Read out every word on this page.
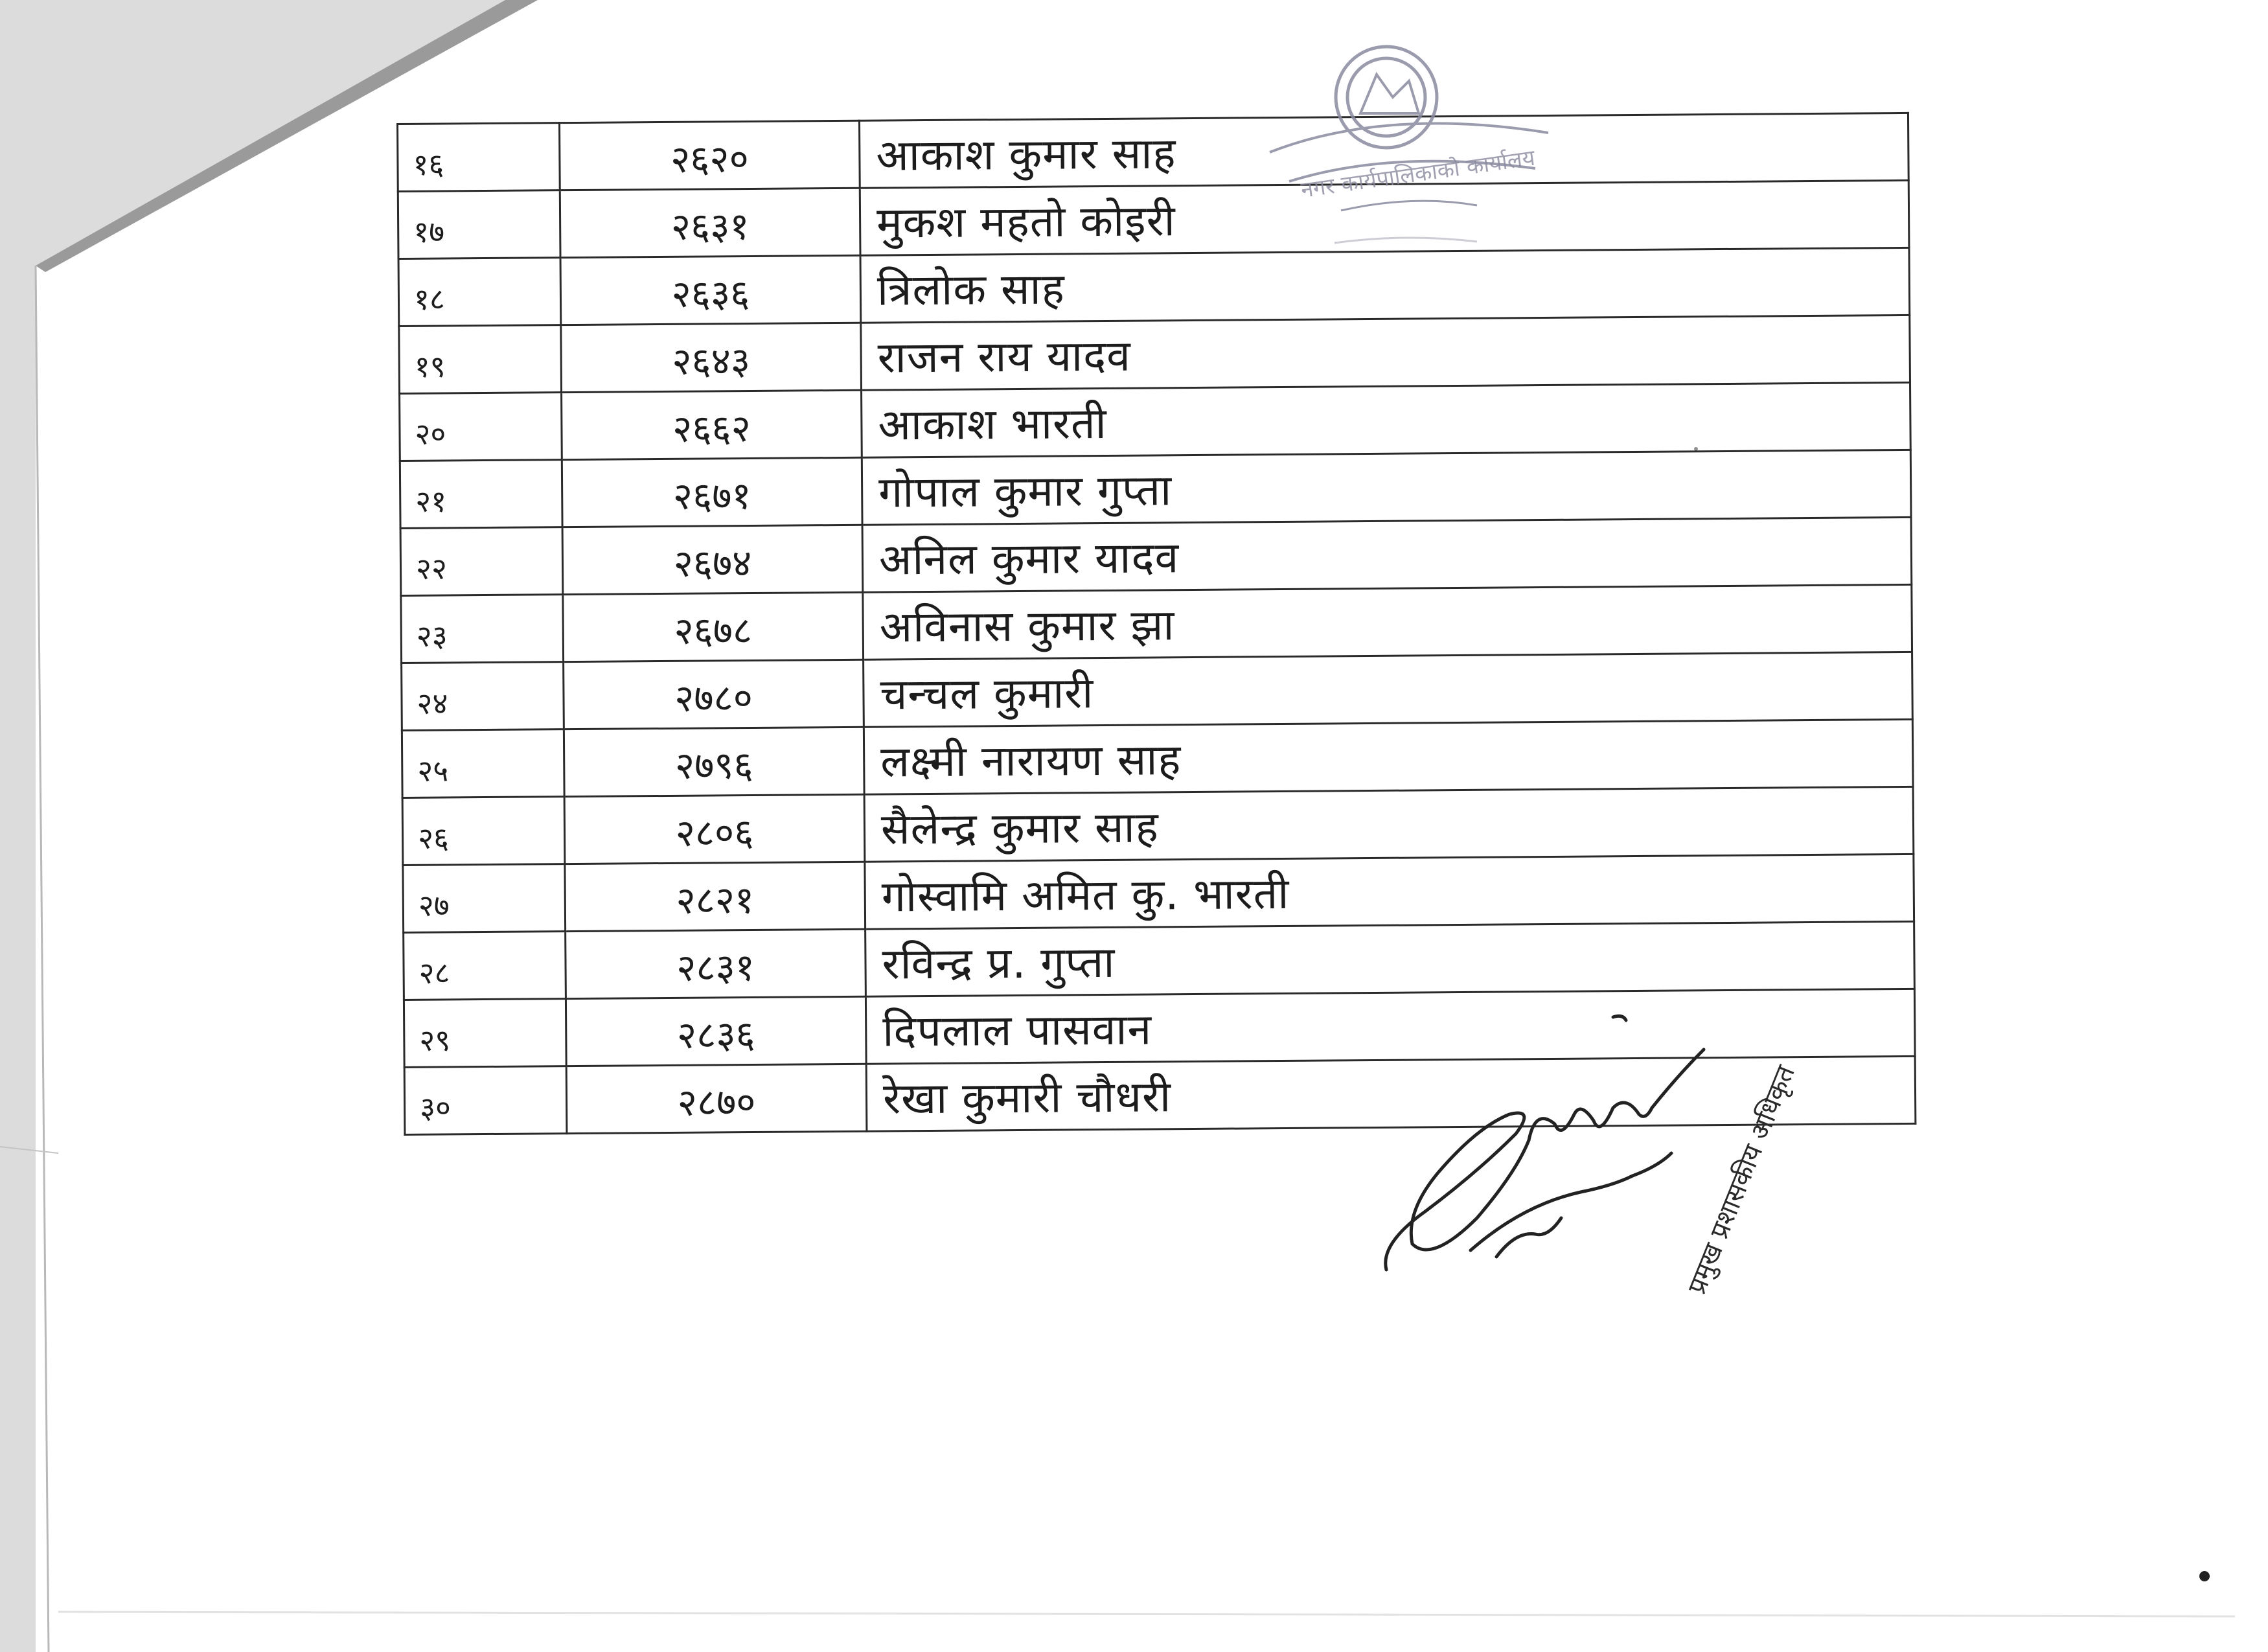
१६	२६२०	आकाश कुमार साह
१७	२६३१	मुकश महतो कोइरी
१८	२६३६	त्रिलोक साह
१९	२६४३	राजन राय यादव
२०	२६६२	आकाश भारती
२१	२६७१	गोपाल कुमार गुप्ता
२२	२६७४	अनिल कुमार यादव
२३	२६७८	अविनास कुमार झा
२४	२७८०	चन्चल कुमारी
२५	२७९६	लक्ष्मी नारायण साह
२६	२८०६	सैलेन्द्र कुमार साह
२७	२८२१	गोस्वामि अमित कु. भारती
२८	२८३१	रविन्द्र प्र. गुप्ता
२९	२८३६	दिपलाल पासवान
३०	२८७०	रेखा कुमारी चौधरी
नगर कार्यपालिकाको कार्यालय
प्रमुख प्रशासकीय अधिकृत
